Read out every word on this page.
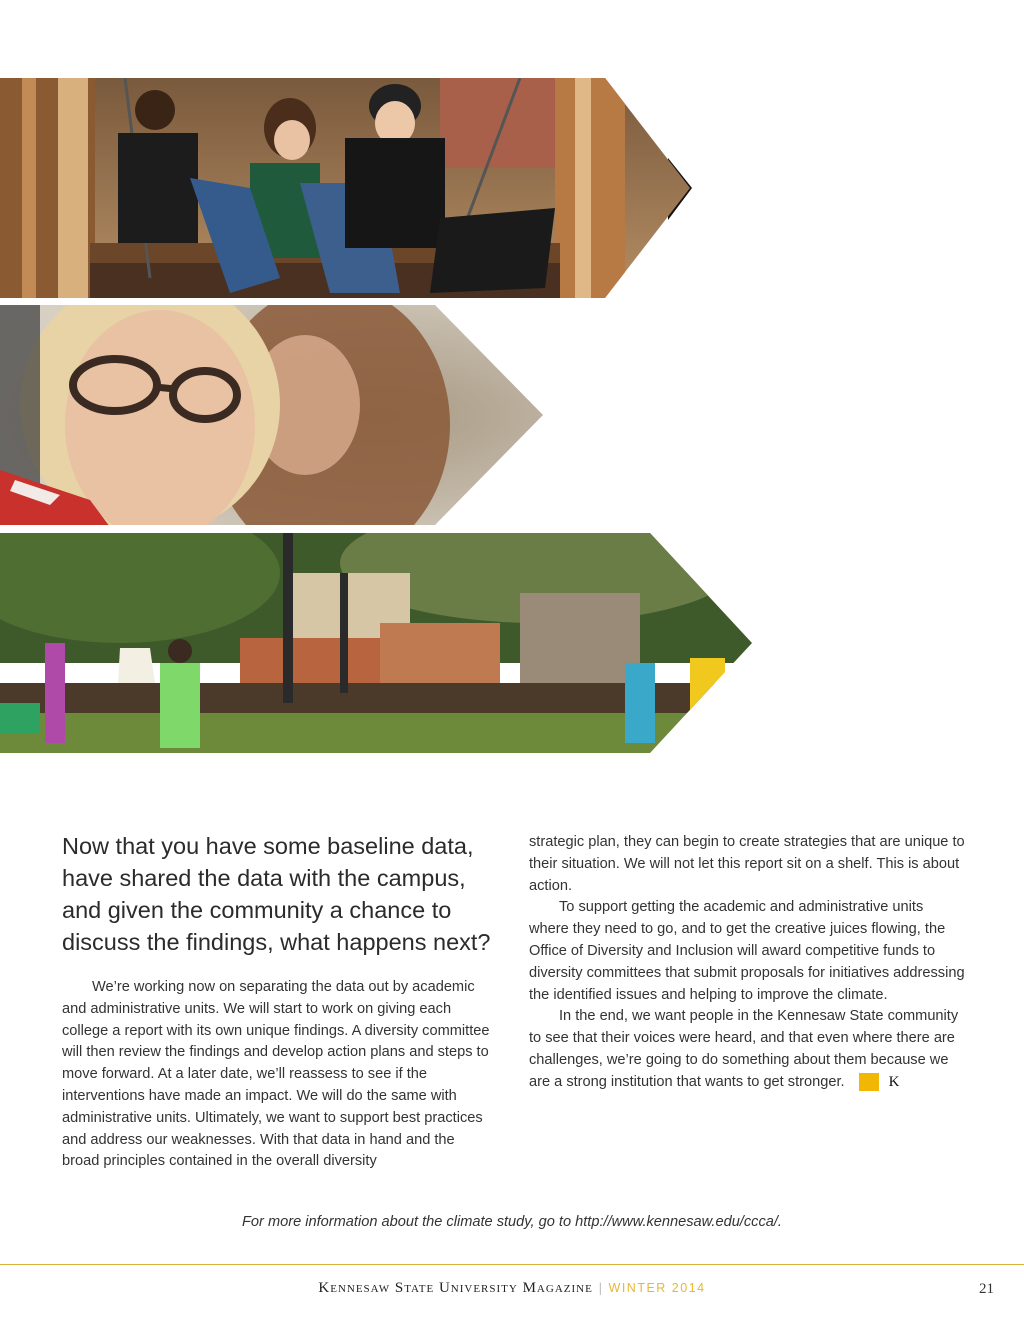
Now that you have some baseline data, have shared the data with the campus, and given the community a chance to discuss the findings, what happens next?

We’re working now on separating the data out by academic and administrative units. We will start to work on giving each college a report with its own unique findings. A diversity committee will then review the findings and develop action plans and steps to move forward. At a later date, we’ll reassess to see if the interventions have made an impact. We will do the same with administrative units. Ultimately, we want to support best practices and address our weaknesses. With that data in hand and the broad principles contained in the overall diversity

strategic plan, they can begin to create strategies that are unique to their situation. We will not let this report sit on a shelf. This is about action.

To support getting the academic and administrative units where they need to go, and to get the creative juices flowing, the Office of Diversity and Inclusion will award competitive funds to diversity committees that submit proposals for initiatives addressing the identified issues and helping to improve the climate.

In the end, we want people in the Kennesaw State community to see that their voices were heard, and that even where there are challenges, we’re going to do something about them because we are a strong institution that wants to get stronger.	K

For more information about the climate study, go to http://www.kennesaw.edu/ccca/.
Kennesaw State University Magazine | WINTER 2014	21
